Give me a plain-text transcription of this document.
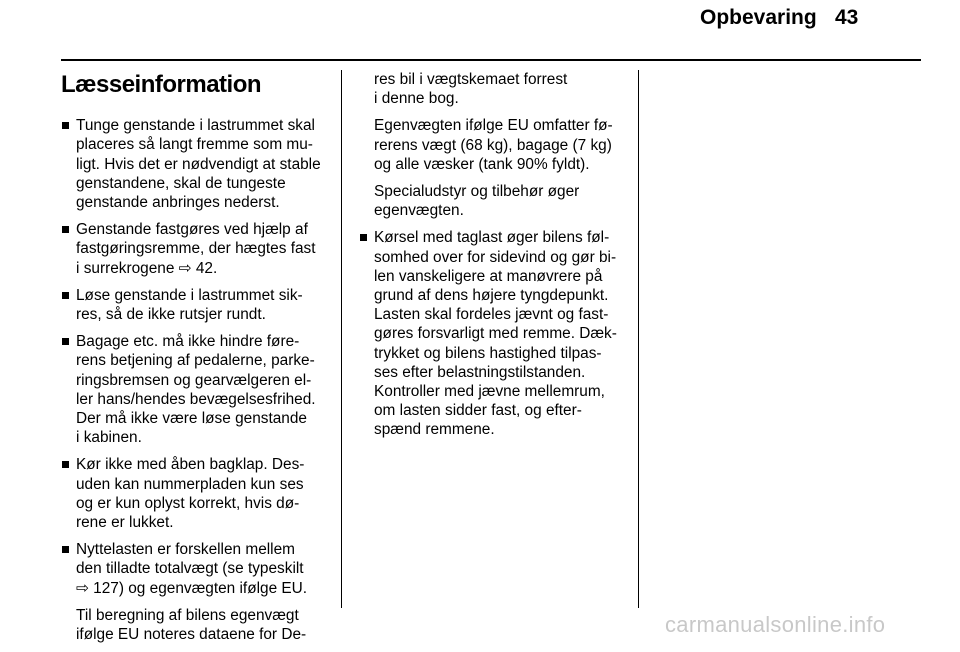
Opbevaring 43
Læsseinformation
Tunge genstande i lastrummet skal
placeres så langt fremme som mu-
ligt. Hvis det er nødvendigt at stable
genstandene, skal de tungeste
genstande anbringes nederst.
Genstande fastgøres ved hjælp af
fastgøringsremme, der hægtes fast
i surrekrogene ⇨ 42.
Løse genstande i lastrummet sik-
res, så de ikke rutsjer rundt.
Bagage etc. må ikke hindre føre-
rens betjening af pedalerne, parke-
ringsbremsen og gearvælgeren el-
ler hans/hendes bevægelsesfrihed.
Der må ikke være løse genstande
i kabinen.
Kør ikke med åben bagklap. Des-
uden kan nummerpladen kun ses
og er kun oplyst korrekt, hvis dø-
rene er lukket.
Nyttelasten er forskellen mellem
den tilladte totalvægt (se typeskilt
⇨ 127) og egenvægten ifølge EU.
Til beregning af bilens egenvægt
ifølge EU noteres dataene for De-
res bil i vægtskemaet forrest
i denne bog.
Egenvægten ifølge EU omfatter fø-
rerens vægt (68 kg), bagage (7 kg)
og alle væsker (tank 90% fyldt).
Specialudstyr og tilbehør øger
egenvægten.
Kørsel med taglast øger bilens føl-
somhed over for sidevind og gør bi-
len vanskeligere at manøvrere på
grund af dens højere tyngdepunkt.
Lasten skal fordeles jævnt og fast-
gøres forsvarligt med remme. Dæk-
trykket og bilens hastighed tilpas-
ses efter belastningstilstanden.
Kontroller med jævne mellemrum,
om lasten sidder fast, og efter-
spænd remmene.
carmanualsonline.info
